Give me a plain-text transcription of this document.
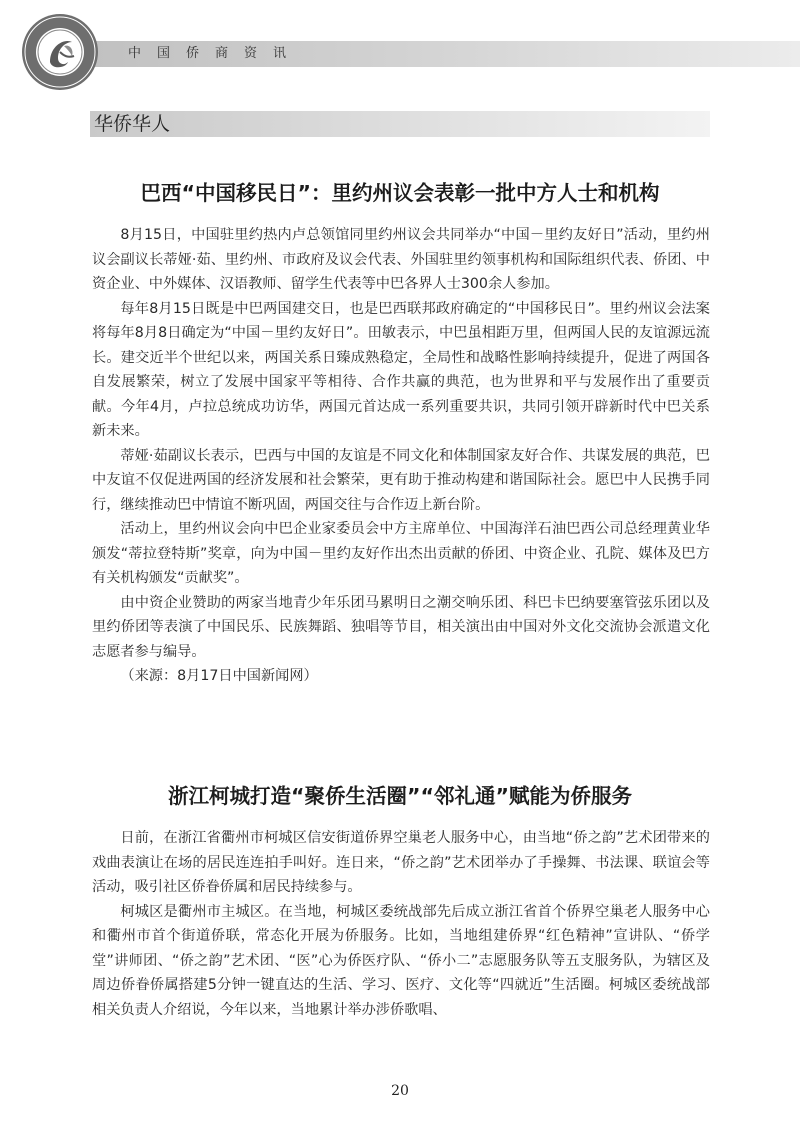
中国侨商资讯
华侨华人
巴西“中国移民日”：里约州议会表彰一批中方人士和机构

8月15日，中国驻里约热内卢总领馆同里约州议会共同举办“中国－里约友好日”活动，里约州议会副议长蒂娅·茹、里约州、市政府及议会代表、外国驻里约领事机构和国际组织代表、侨团、中资企业、中外媒体、汉语教师、留学生代表等中巴各界人士300余人参加。

每年8月15日既是中巴两国建交日，也是巴西联邦政府确定的“中国移民日”。里约州议会法案将每年8月8日确定为“中国－里约友好日”。田敏表示，中巴虽相距万里，但两国人民的友谊源远流长。建交近半个世纪以来，两国关系日臻成熟稳定，全局性和战略性影响持续提升，促进了两国各自发展繁荣，树立了发展中国家平等相待、合作共赢的典范，也为世界和平与发展作出了重要贡献。今年4月，卢拉总统成功访华，两国元首达成一系列重要共识，共同引领开辟新时代中巴关系新未来。

蒂娅·茹副议长表示，巴西与中国的友谊是不同文化和体制国家友好合作、共谋发展的典范，巴中友谊不仅促进两国的经济发展和社会繁荣，更有助于推动构建和谐国际社会。愿巴中人民携手同行，继续推动巴中情谊不断巩固，两国交往与合作迈上新台阶。

活动上，里约州议会向中巴企业家委员会中方主席单位、中国海洋石油巴西公司总经理黄业华颁发“蒂拉登特斯”奖章，向为中国－里约友好作出杰出贡献的侨团、中资企业、孔院、媒体及巴方有关机构颁发“贡献奖”。

由中资企业赞助的两家当地青少年乐团马累明日之潮交响乐团、科巴卡巴纳要塞管弦乐团以及里约侨团等表演了中国民乐、民族舞蹈、独唱等节目，相关演出由中国对外文化交流协会派遣文化志愿者参与编导。

（来源：8月17日中国新闻网）

浙江柯城打造“聚侨生活圈”“邻礼通”赋能为侨服务

日前，在浙江省衢州市柯城区信安街道侨界空巢老人服务中心，由当地“侨之韵”艺术团带来的戏曲表演让在场的居民连连拍手叫好。连日来，“侨之韵”艺术团举办了手操舞、书法课、联谊会等活动，吸引社区侨眷侨属和居民持续参与。

柯城区是衢州市主城区。在当地，柯城区委统战部先后成立浙江省首个侨界空巢老人服务中心和衢州市首个街道侨联，常态化开展为侨服务。比如，当地组建侨界“红色精神”宣讲队、“侨学堂”讲师团、“侨之韵”艺术团、“医”心为侨医疗队、“侨小二”志愿服务队等五支服务队，为辖区及周边侨眷侨属搭建5分钟一键直达的生活、学习、医疗、文化等“四就近”生活圈。柯城区委统战部相关负责人介绍说，今年以来，当地累计举办涉侨歌唱、

20
